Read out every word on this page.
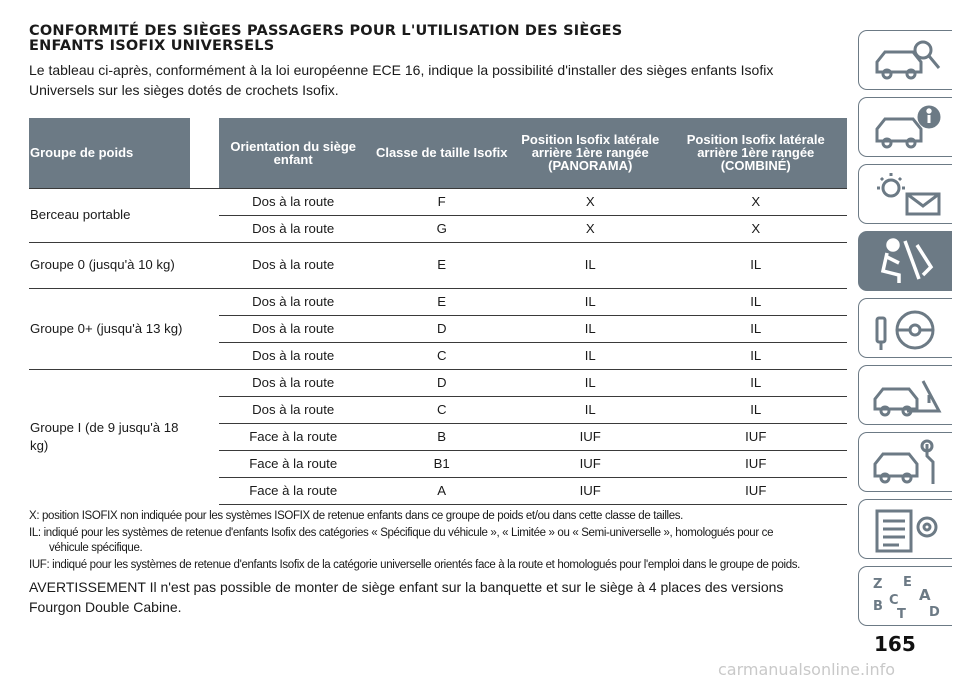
CONFORMITÉ DES SIÈGES PASSAGERS POUR L'UTILISATION DES SIÈGES
ENFANTS ISOFIX UNIVERSELS

Le tableau ci-après, conformément à la loi européenne ECE 16, indique la possibilité d'installer des sièges enfants Isofix Universels sur les sièges dotés de crochets Isofix.

Groupe de poids		Orientation du siège enfant	Classe de taille Isofix	Position Isofix latérale arrière 1ère rangée (PANORAMA)	Position Isofix latérale arrière 1ère rangée (COMBINÉ)
Berceau portable		Dos à la route	F	X	X
		Dos à la route	G	X	X
Groupe 0 (jusqu'à 10 kg)		Dos à la route	E	IL	IL
Groupe 0+ (jusqu'à 13 kg)		Dos à la route	E	IL	IL
		Dos à la route	D	IL	IL
		Dos à la route	C	IL	IL
Groupe I (de 9 jusqu'à 18 kg)		Dos à la route	D	IL	IL
		Dos à la route	C	IL	IL
		Face à la route	B	IUF	IUF
		Face à la route	B1	IUF	IUF
		Face à la route	A	IUF	IUF

X: position ISOFIX non indiquée pour les systèmes ISOFIX de retenue enfants dans ce groupe de poids et/ou dans cette classe de tailles.

IL: indiqué pour les systèmes de retenue d'enfants Isofix des catégories « Spécifique du véhicule », « Limitée » ou « Semi-universelle », homologués pour ce
véhicule spécifique.

IUF: indiqué pour les systèmes de retenue d'enfants Isofix de la catégorie universelle orientés face à la route et homologués pour l'emploi dans le groupe de poids.

AVERTISSEMENT Il n'est pas possible de monter de siège enfant sur la banquette et sur le siège à 4 places des versions Fourgon Double Cabine.

Z E
A
B C
T D
165
carmanualsonline.info
